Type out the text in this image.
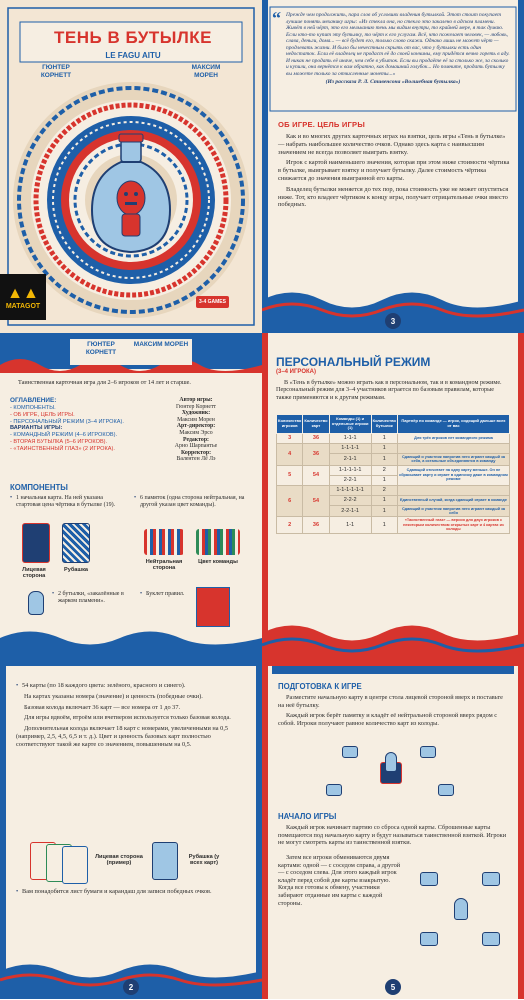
ТЕНЬ В БУТЫЛКЕ
LE FAGU AITU
ГЮНТЕР
КОРНЕТТ
МАКСИМ
МОРЕН
▲▲
MATAGOT
3-4 GAMES
“ Прежде чем продолжить, пара слов об условиях владения бутылкой. Этот стоит покупает лучшие понять механику игры: «Из стекла она, но стекло это закалено в адском пламени. Живёт в ней чёрт, это его мельканию тень мы видим внутри, то крайней мере, я так думаю. Если кто-то купит эту бутылку, то чёрт к его услугам. Всё, что пожелает человек, — любовь, слава, деньги, дома... — всё будет его, только слово скажи. Однако лишь не может чёрт — продлевать жизни. И было бы нечестным скрыть от вас, что у бутылки есть один недостаток. Если её владелец не продаст её до своей кончины, ему придётся вечно гореть в аду. И никак не продать её иначе, чем себе в убыток. Если вы продаёте её за столько же, за сколько и купили, она вернётся к вам обратно, как домашний голубок... Но помните, продать бутылку вы можете только за отчисленные монеты...»

(Из рассказа Р. Л. Стивенсона «Волшебная бутылка»)

ОБ ИГРЕ. ЦЕЛЬ ИГРЫ

Как и во многих других карточных играх на взятки, цель игры «Тень в бутылке» — набрать наибольшее количество очков. Однако здесь карта с наивысшим значением не всегда позволяет выиграть взятку.

Игрок с картой наименьшего значения, которая при этом ниже стоимости чёртика в бутылке, выигрывает взятку и получает бутылку. Далее стоимость чёртика снижается до значения выигранной его карты.

Владелец бутылки меняется до тех пор, пока стоимость уже не может опуститься ниже. Тот, кто владеет чёртиком к концу игры, получает отрицательные очки вместо победных.

3
ГЮНТЕР КОРНЕТТ
МАКСИМ МОРЕН

Таинственная карточная игра для 2–6 игроков от 14 лет и старше.

ОГЛАВЛЕНИЕ:
- КОМПОНЕНТЫ.
- ОБ ИГРЕ, ЦЕЛЬ ИГРЫ.
- ПЕРСОНАЛЬНЫЙ РЕЖИМ (3–4 ИГРОКА).
ВАРИАНТЫ ИГРЫ:
- КОМАНДНЫЙ РЕЖИМ (4–6 ИГРОКОВ).
- ВТОРАЯ БУТЫЛКА (5–6 ИГРОКОВ).
- «ТАИНСТВЕННЫЙ ГЛАЗ» (2 ИГРОКА).
Автор игры:
Гюнтер Корнетт
Художник:
Максим Морен
Арт-директор:
Максим Эрсо
Редактор:
Арно Шарпантье
Корректор:
Валентен Лё Лэ
КОМПОНЕНТЫ
• 1 начальная карта. На ней указана стартовая цена чёртика в бутылке (19).
• 6 памяток (одна сторона нейтральная, на другой указан цвет команды).
Лицевая сторона
Рубашка
Нейтральная сторона
Цвет команды
• 2 бутылки, «закалённые в жарком пламени».
• Буклет правил.
ПЕРСОНАЛЬНЫЙ РЕЖИМ
(3–4 ИГРОКА)

В «Тень в бутылке» можно играть как в персональном, так и в командном режиме. Персональный режим для 3–4 участников играется по базовым правилам, которые также применяются и к другим режимам.

Количество игроков	Количество карт	Команды (1) и отдельные игроки (1)	Количество бутылок	Партнёр по команде — игрок, сидящий дальше всех от вас
3	36	1-1-1	1	Для трёх игроков нет командного режима
4	36	1-1-1-1	1	
		2-1-1	1	Сдающий и участник напротив него играют каждый за себя, а остальные объединяются в команду
5	54	1-1-1-1-1	2	Сдающий отсчитает на одну карту меньше. Он не сбрасывает карту и играет в одиночку даже в командном режиме
		2-2-1	1	
6	54	1-1-1-1-1-1	2	
		2-2-2	1	Единственный случай, когда сдающий играет в команде
		2-2-1-1	1	Сдающий и участник напротив него играют каждый за себя
2	36	1-1	1	«Таинственный глаз» — версия для двух игроков с некоторым количеством открытых карт и 4 картах из колоды
• 54 карты (по 18 каждого цвета: зелёного, красного и синего).

На картах указаны номера (значение) и ценность (победные очки).

Базовая колода включает 36 карт — все номера от 1 до 37.

Для игры вдвоём, втроём или вчетвером используется только базовая колода.

Дополнительная колода включает 18 карт с номерами, увеличенными на 0,5 (например, 2,5, 4,5, 6,5 и т. д.). Цвет и ценность базовых карт полностью соответствуют такой же карте со значением, повышенным на 0,5.

Лицевая сторона (пример)
Рубашка (у всех карт)
• Вам понадобится лист бумаги и карандаш для записи победных очков.
2
ПОДГОТОВКА К ИГРЕ

Разместите начальную карту в центре стола лицевой стороной вверх и поставьте на неё бутылку.

Каждый игрок берёт памятку и кладёт её нейтральной стороной вверх рядом с собой. Игроки получают равное количество карт из колоды.

НАЧАЛО ИГРЫ

Каждый игрок начинает партию со сброса одной карты. Сброшенные карты помещаются под начальную карту и будут называться таинственной взяткой. Игроки не могут смотреть карты из таинственной взятки.

Затем все игроки обмениваются двумя картами: одной — с соседом справа, а другой — с соседом слева. Для этого каждый игрок кладёт перед собой две карты взакрытую. Когда все готовы к обмену, участники забирают отданные им карты с каждой стороны.

5
